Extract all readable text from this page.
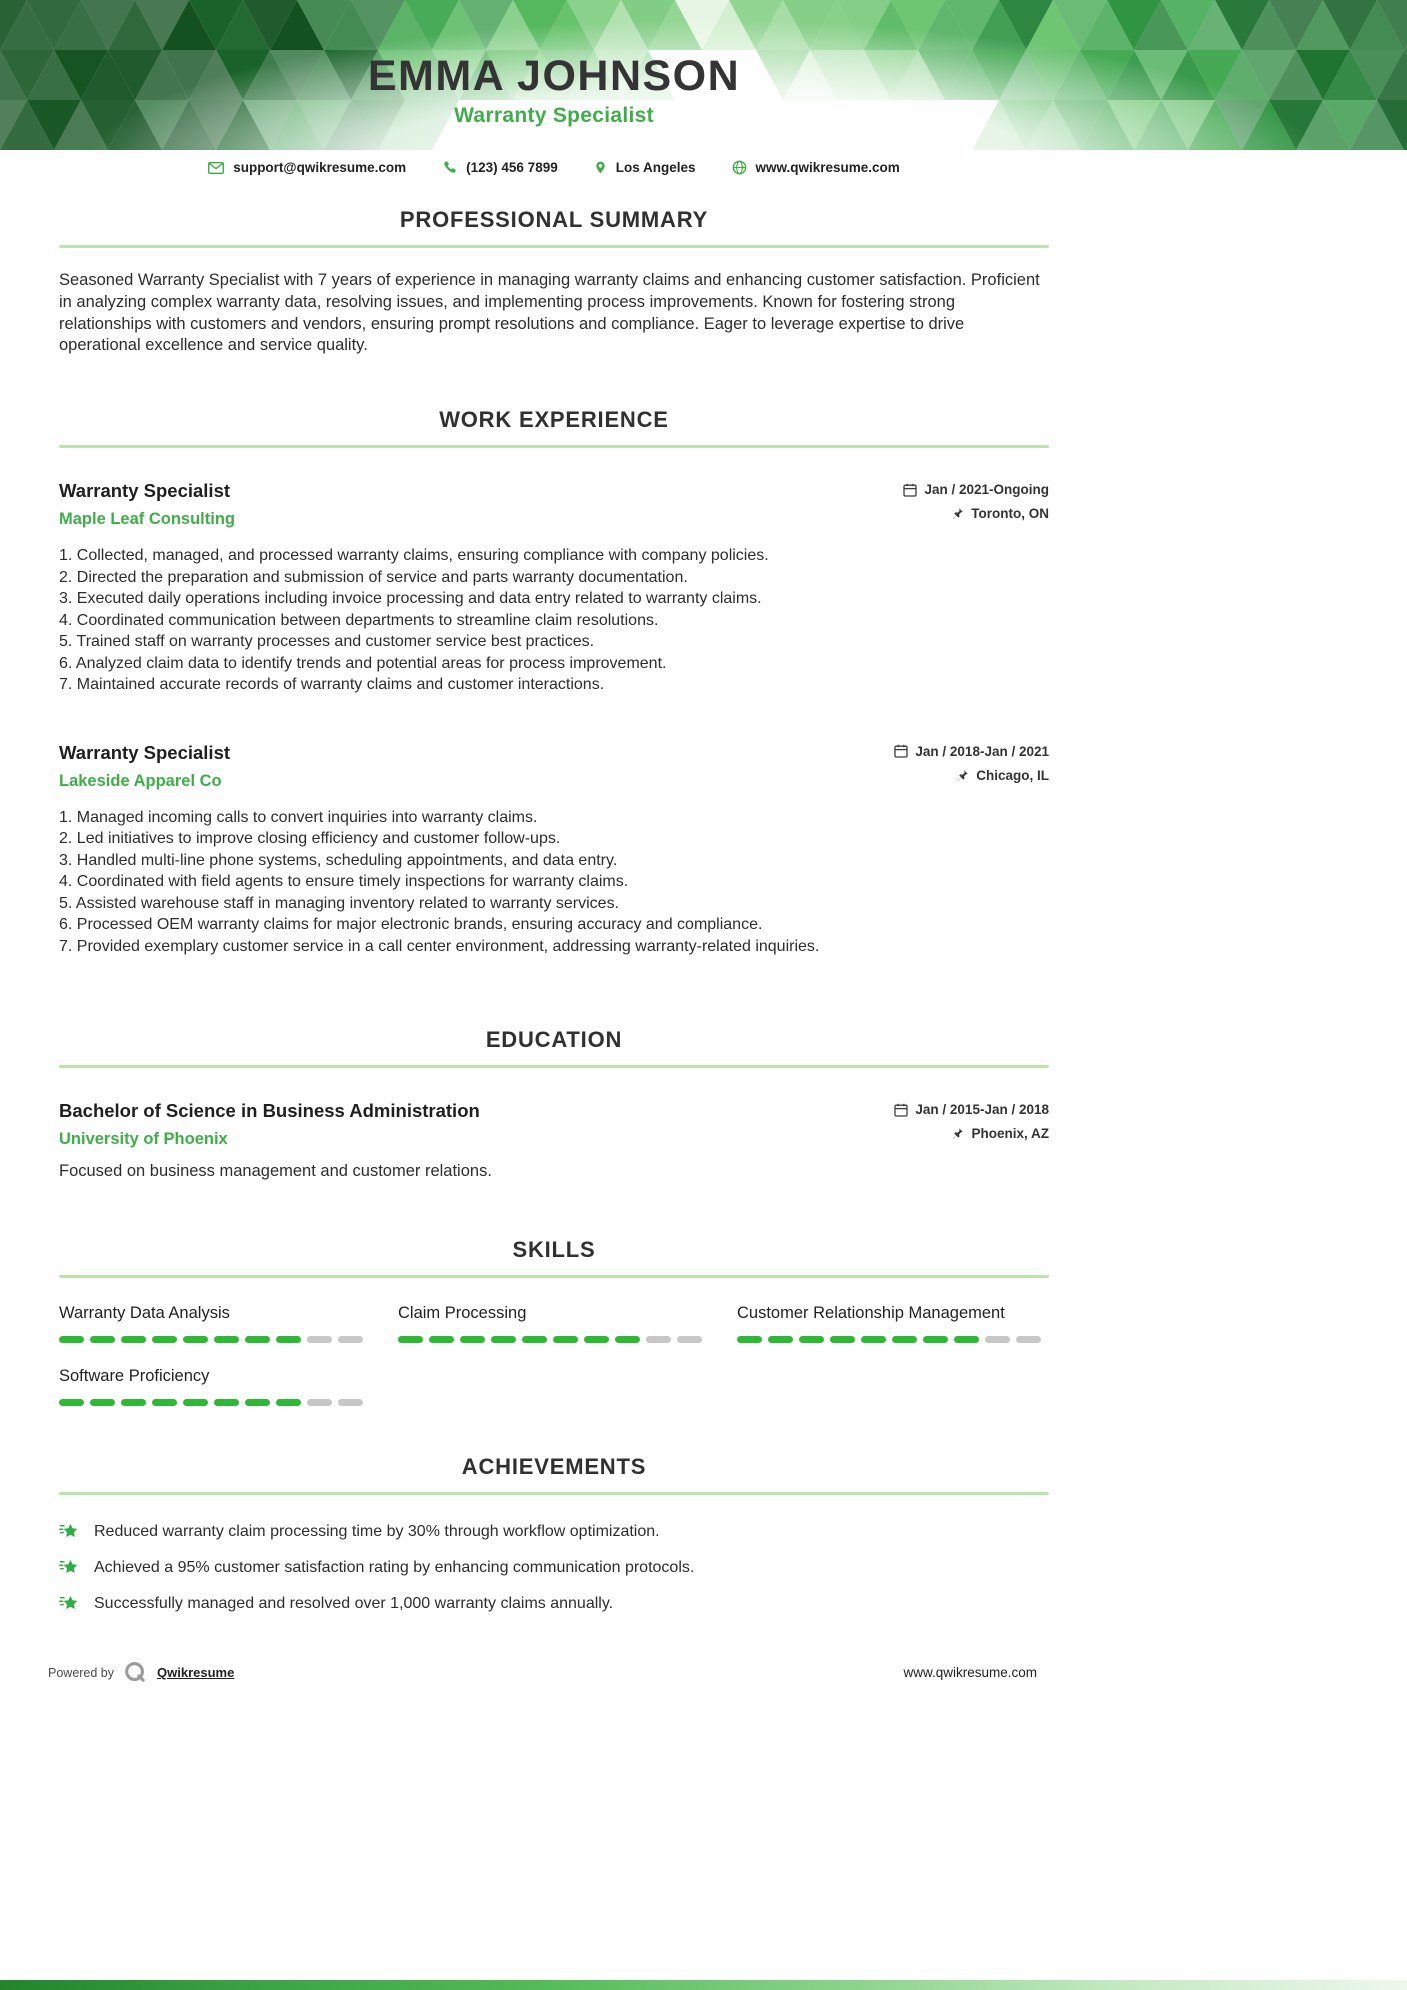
EMMA JOHNSON
Warranty Specialist
support@qwikresume.com	(123) 456 7899	Los Angeles	www.qwikresume.com
PROFESSIONAL SUMMARY

Seasoned Warranty Specialist with 7 years of experience in managing warranty claims and enhancing customer satisfaction. Proficient in analyzing complex warranty data, resolving issues, and implementing process improvements. Known for fostering strong relationships with customers and vendors, ensuring prompt resolutions and compliance. Eager to leverage expertise to drive operational excellence and service quality.

WORK EXPERIENCE
Warranty Specialist
Maple Leaf Consulting
Jan / 2021-Ongoing
Toronto, ON
Collected, managed, and processed warranty claims, ensuring compliance with company policies.
Directed the preparation and submission of service and parts warranty documentation.
Executed daily operations including invoice processing and data entry related to warranty claims.
Coordinated communication between departments to streamline claim resolutions.
Trained staff on warranty processes and customer service best practices.
Analyzed claim data to identify trends and potential areas for process improvement.
Maintained accurate records of warranty claims and customer interactions.
Warranty Specialist
Lakeside Apparel Co
Jan / 2018-Jan / 2021
Chicago, IL
Managed incoming calls to convert inquiries into warranty claims.
Led initiatives to improve closing efficiency and customer follow-ups.
Handled multi-line phone systems, scheduling appointments, and data entry.
Coordinated with field agents to ensure timely inspections for warranty claims.
Assisted warehouse staff in managing inventory related to warranty services.
Processed OEM warranty claims for major electronic brands, ensuring accuracy and compliance.
Provided exemplary customer service in a call center environment, addressing warranty-related inquiries.
EDUCATION
Bachelor of Science in Business Administration
University of Phoenix
Jan / 2015-Jan / 2018
Phoenix, AZ

Focused on business management and customer relations.

SKILLS
Warranty Data Analysis	Claim Processing	Customer Relationship Management
Software Proficiency
ACHIEVEMENTS
Reduced warranty claim processing time by 30% through workflow optimization.
Achieved a 95% customer satisfaction rating by enhancing communication protocols.
Successfully managed and resolved over 1,000 warranty claims annually.
Powered by	Qwikresume	www.qwikresume.com
